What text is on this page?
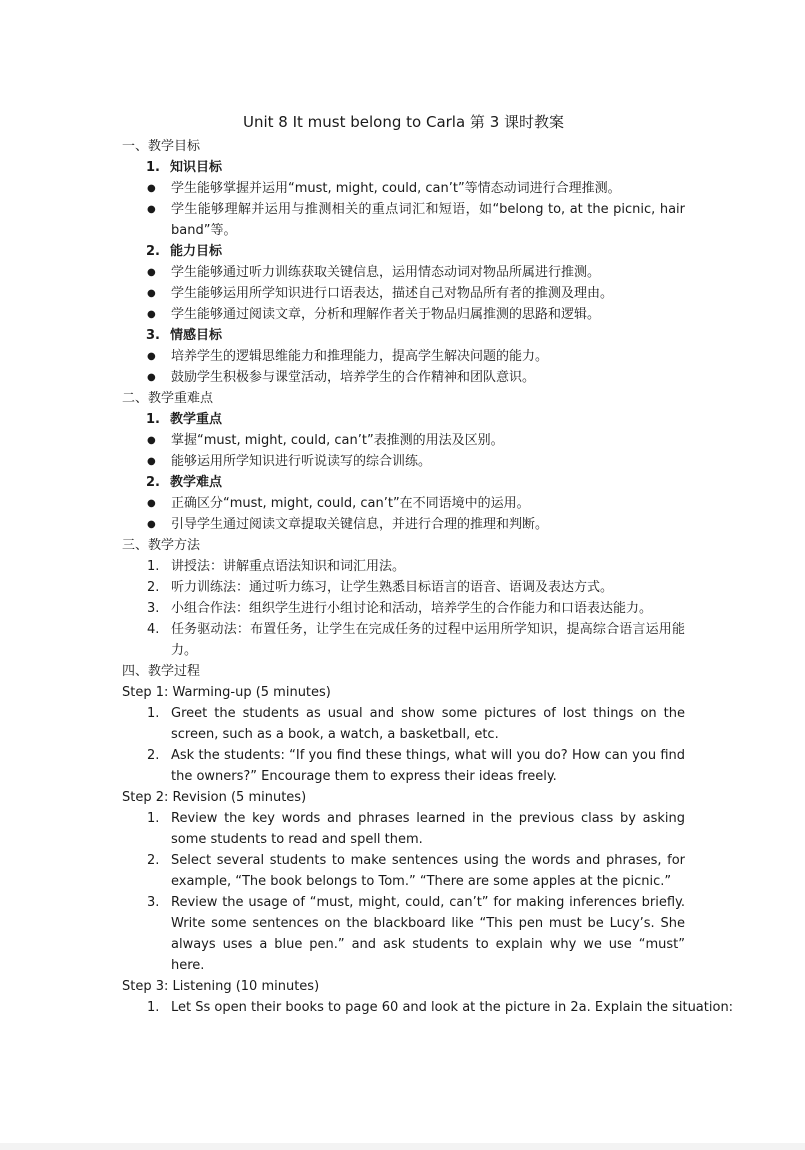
Unit 8 It must belong to Carla 第 3 课时教案
一、教学目标
1. 知识目标
● 学生能够掌握并运用“must, might, could, can’t”等情态动词进行合理推测。
● 学生能够理解并运用与推测相关的重点词汇和短语，如“belong to, at the picnic, hair band”等。
2. 能力目标
● 学生能够通过听力训练获取关键信息，运用情态动词对物品所属进行推测。
● 学生能够运用所学知识进行口语表达，描述自己对物品所有者的推测及理由。
● 学生能够通过阅读文章，分析和理解作者关于物品归属推测的思路和逻辑。
3. 情感目标
● 培养学生的逻辑思维能力和推理能力，提高学生解决问题的能力。
● 鼓励学生积极参与课堂活动，培养学生的合作精神和团队意识。
二、教学重难点
1. 教学重点
● 掌握“must, might, could, can’t”表推测的用法及区别。
● 能够运用所学知识进行听说读写的综合训练。
2. 教学难点
● 正确区分“must, might, could, can’t”在不同语境中的运用。
● 引导学生通过阅读文章提取关键信息，并进行合理的推理和判断。
三、教学方法
1. 讲授法：讲解重点语法知识和词汇用法。
2. 听力训练法：通过听力练习，让学生熟悉目标语言的语音、语调及表达方式。
3. 小组合作法：组织学生进行小组讨论和活动，培养学生的合作能力和口语表达能力。
4. 任务驱动法：布置任务，让学生在完成任务的过程中运用所学知识，提高综合语言运用能力。
四、教学过程
Step 1: Warming-up (5 minutes)
1. Greet the students as usual and show some pictures of lost things on the screen, such as a book, a watch, a basketball, etc.
2. Ask the students: “If you find these things, what will you do? How can you find the owners?” Encourage them to express their ideas freely.
Step 2: Revision (5 minutes)
1. Review the key words and phrases learned in the previous class by asking some students to read and spell them.
2. Select several students to make sentences using the words and phrases, for example, “The book belongs to Tom.” “There are some apples at the picnic.”
3. Review the usage of “must, might, could, can’t” for making inferences briefly. Write some sentences on the blackboard like “This pen must be Lucy’s. She always uses a blue pen.” and ask students to explain why we use “must” here.
Step 3: Listening (10 minutes)
1. Let Ss open their books to page 60 and look at the picture in 2a. Explain the situation:
